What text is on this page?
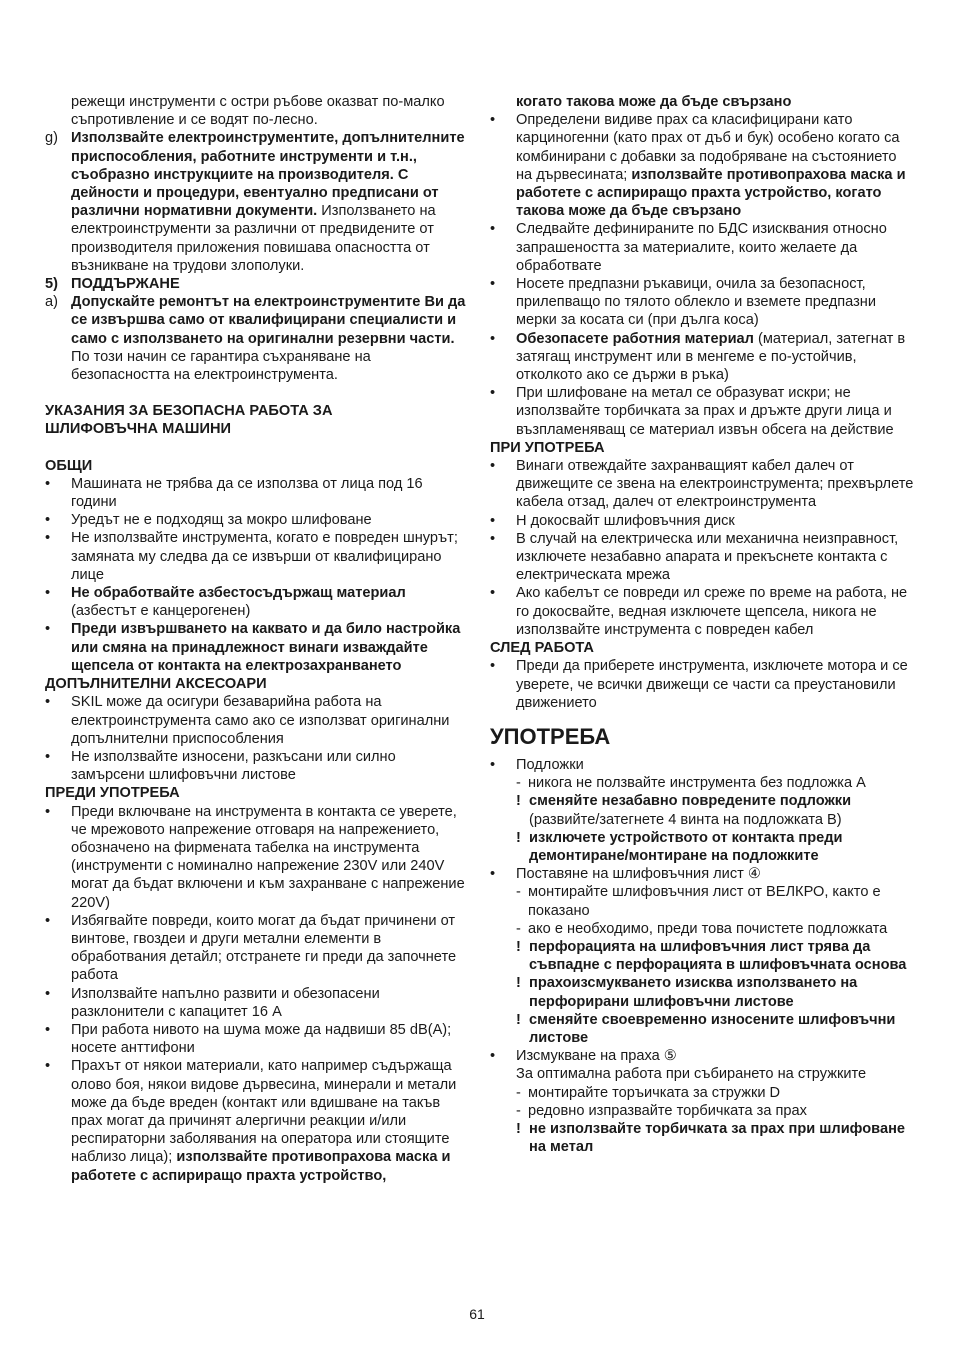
режещи инструменти с остри ръбове оказват по-малко съпротивление и се водят по-лесно.
g) Използвайте електроинструментите, допълнителните приспособления, работните инструменти и т.н., съобразно инструкциите на производителя. С дейности и процедури, евентуално предписани от различни нормативни документи. Използването на електроинструменти за различни от предвидените от производителя приложения повишава опасността от възникване на трудови злополуки.
5) ПОДДЪРЖАНЕ
a) Допускайте ремонтът на електроинструментите Ви да се извършва само от квалифицирани специалисти и само с използването на оригинални резервни части. По този начин се гарантира съхраняване на безопасността на електроинструмента.
УКАЗАНИЯ ЗА БЕЗОПАСНА РАБОТА ЗА ШЛИФОВЪЧНА МАШИНИ
ОБЩИ
• Машината не трябва да се използва от лица под 16 години
• Уредът не е подходящ за мокро шлифоване
• Не използвайте инструмента, когато е повреден шнурът; замяната му следва да се извърши от квалифицирано лице
• Не обработвайте азбестосъдържащ материал (азбестът е канцерогенен)
• Преди извършването на каквато и да било настройка или смяна на принадлежност винаги изваждайте щепсела от контакта на електрозахранването
ДОПЪЛНИТЕЛНИ АКСЕСОАРИ
• SKIL може да осигури безаварийна работа на електроинструмента само ако се използват оригинални допълнителни приспособления
• Не използвайте износени, разкъсани или силно замърсени шлифовъчни листове
ПРЕДИ УПОТРЕБА
• Преди включване на инструмента в контакта се уверете, че мрежовото напрежение отговаря на напрежението, обозначено на фирмената табелка на инструмента (инструменти с номинално напрежение 230V или 240V могат да бъдат включени и към захранване с напрежение 220V)
• Избягвайте повреди, които могат да бъдат причинени от винтове, гвоздеи и други метални елементи в обработвания детайл; отстранете ги преди да започнете работа
• Използвайте напълно развити и обезопасени разклонители с капацитет 16 A
• При работа нивото на шума може да надвиши 85 dB(A); носете анттифони
• Прахът от някои материали, като например съдържаща олово боя, някои видове дървесина, минерали и метали може да бъде вреден (контакт или вдишване на такъв прах могат да причинят алергични реакции и/или респираторни заболявания на оператора или стоящите наблизо лица); използвайте противопрахова маска и работете с аспириращо прахта устройство,
когато такова може да бъде свързано
• Определени видиве прах са класифицирани като карциногенни (като прах от дъб и бук) особено когато са комбинирани с добавки за подобряване на състоянието на дървесината; използвайте противопрахова маска и работете с аспириращо прахта устройство, когато такова може да бъде свързано
• Следвайте дефинираните по БДС изисквания относно запрашеността за материалите, които желаете да обработвате
• Носете предпазни ръкавици, очила за безопасност, прилепващо по тялото облекло и вземете предпазни мерки за косата си (при дълга коса)
• Обезопасете работния материал (материал, затегнат в затягащ инструмент или в менгеме е по-устойчив, отколкото ако се държи в ръка)
• При шлифоване на метал се образуват искри; не използвайте торбичката за прах и дръжте други лица и възпламеняващ се материал извън обсега на действие
ПРИ УПОТРЕБА
• Винаги отвеждайте захранващият кабел далеч от движещите се звена на електроинструмента; прехвърлете кабела отзад, далеч от електроинструмента
• Н докосвайт шлифовъчния диск
• В случай на електрическа или механична неизправност, изключете незабавно апарата и прекъснете контакта с електрическата мрежа
• Ако кабелът се повреди ил среже по време на работа, не го докосвайте, ведная изключете щепсела, никога не използвайте инструмента с повреден кабел
СЛЕД РАБОТА
• Преди да приберете инструмента, изключете мотора и се уверете, че всички движещи се части са преустановили движението
УПОТРЕБА
• Подложки
- никога не ползвайте инструмента без подложка A
! сменяйте незабавно повредените подложки (развийте/затегнете 4 винта на подложката B)
! изключете устройството от контакта преди демонтиране/монтиране на подложките
• Поставяне на шлифовъчния лист ④
- монтирайте шлифовъчния лист от ВЕЛКРО, както е показано
- ако е необходимо, преди това почистете подложката
! перфорацията на шлифовъчния лист трява да съвпадне с перфорацията в шлифовъчната основа
! прахоизсмукването изисква използването на перфорирани шлифовъчни листове
! сменяйте своевременно износените шлифовъчни листове
• Изсмукване на праха ⑤
За оптимална работа при събирането на стружките
- монтирайте торъичката за стружки D
- редовно изпразвайте торбичката за прах
! не използвайте торбичката за прах при шлифоване на метал
61
